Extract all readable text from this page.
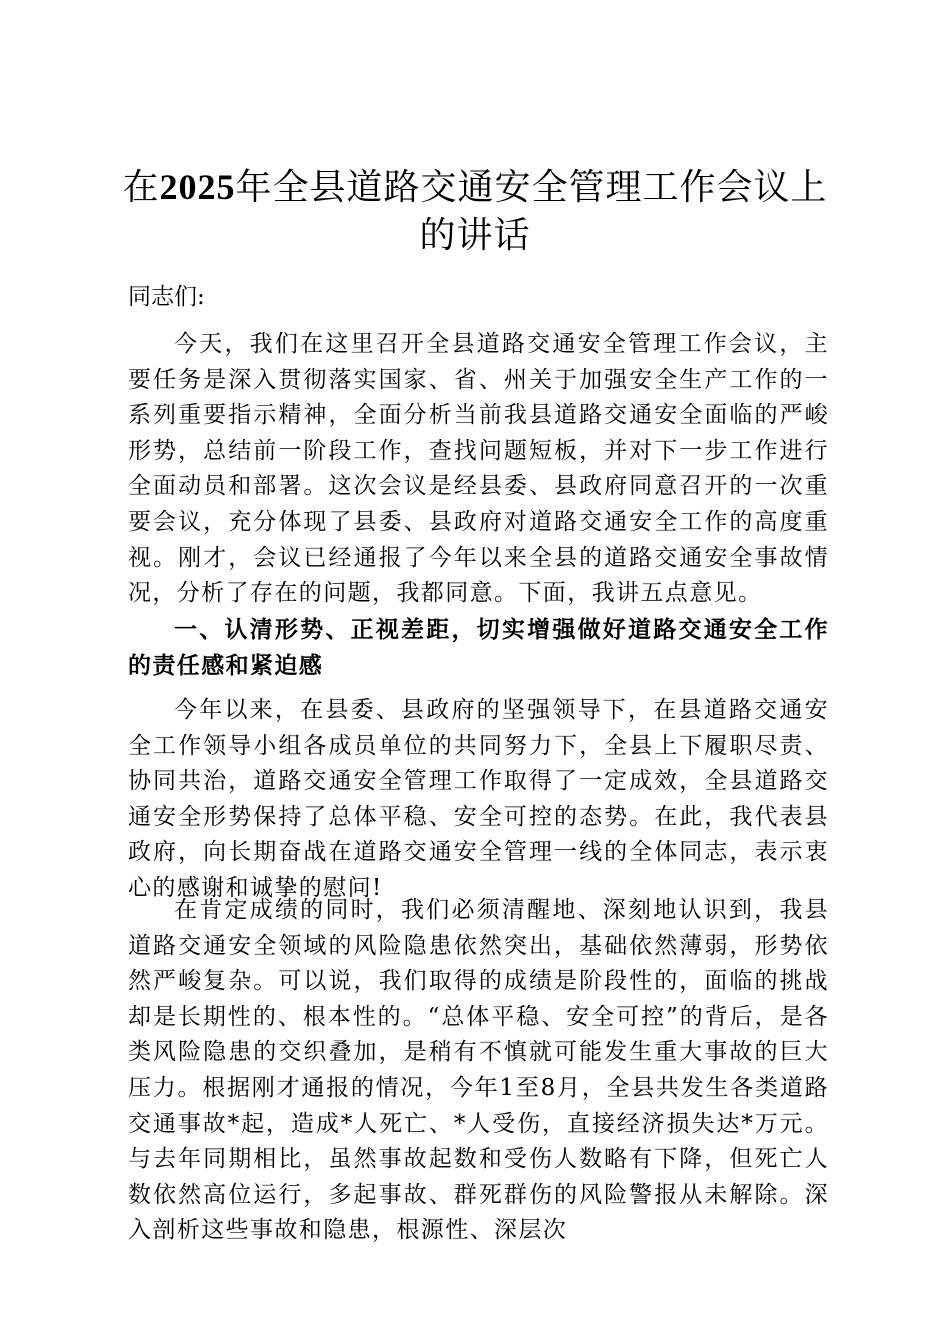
在2025年全县道路交通安全管理工作会议上的讲话

同志们:

今天，我们在这里召开全县道路交通安全管理工作会议，主要任务是深入贯彻落实国家、省、州关于加强安全生产工作的一系列重要指示精神，全面分析当前我县道路交通安全面临的严峻形势，总结前一阶段工作，查找问题短板，并对下一步工作进行全面动员和部署。这次会议是经县委、县政府同意召开的一次重要会议，充分体现了县委、县政府对道路交通安全工作的高度重视。刚才，会议已经通报了今年以来全县的道路交通安全事故情况，分析了存在的问题，我都同意。下面，我讲五点意见。

一、认清形势、正视差距，切实增强做好道路交通安全工作的责任感和紧迫感

今年以来，在县委、县政府的坚强领导下，在县道路交通安全工作领导小组各成员单位的共同努力下，全县上下履职尽责、协同共治，道路交通安全管理工作取得了一定成效，全县道路交通安全形势保持了总体平稳、安全可控的态势。在此，我代表县政府，向长期奋战在道路交通安全管理一线的全体同志，表示衷心的感谢和诚挚的慰问!

在肯定成绩的同时，我们必须清醒地、深刻地认识到，我县道路交通安全领域的风险隐患依然突出，基础依然薄弱，形势依然严峻复杂。可以说，我们取得的成绩是阶段性的，面临的挑战却是长期性的、根本性的。“总体平稳、安全可控”的背后，是各类风险隐患的交织叠加，是稍有不慎就可能发生重大事故的巨大压力。根据刚才通报的情况，今年1至8月，全县共发生各类道路交通事故*起，造成*人死亡、*人受伤，直接经济损失达*万元。与去年同期相比，虽然事故起数和受伤人数略有下降，但死亡人数依然高位运行，多起事故、群死群伤的风险警报从未解除。深入剖析这些事故和隐患，根源性、深层次
